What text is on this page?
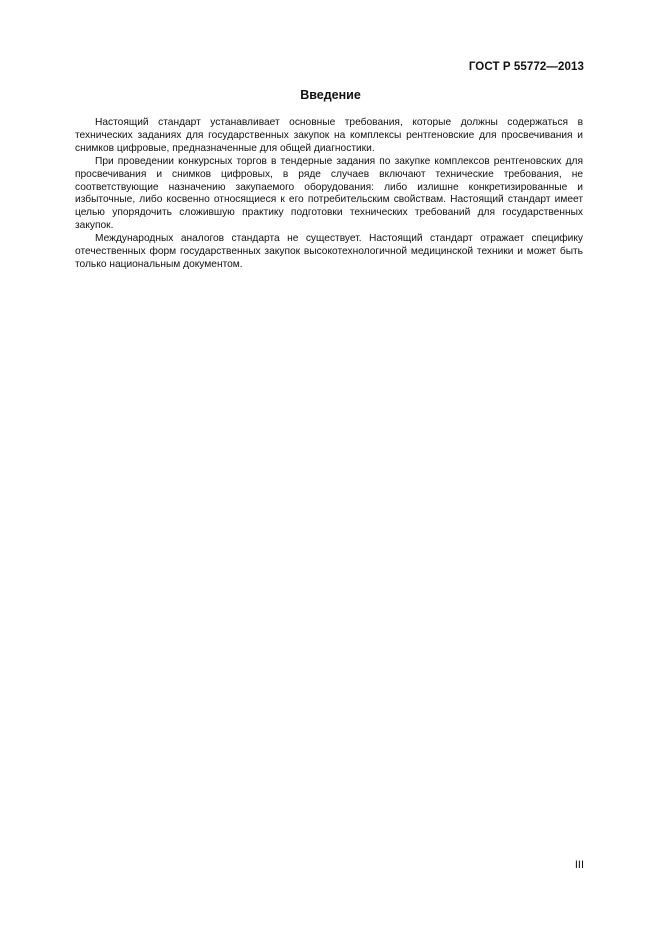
ГОСТ Р 55772—2013
Введение

Настоящий стандарт устанавливает основные требования, которые должны содержаться в технических заданиях для государственных закупок на комплексы рентгеновские для просвечивания и снимков цифровые, предназначенные для общей диагностики.

При проведении конкурсных торгов в тендерные задания по закупке комплексов рентгеновских для просвечивания и снимков цифровых, в ряде случаев включают технические требования, не соответствующие назначению закупаемого оборудования: либо излишне конкретизированные и избыточные, либо косвенно относящиеся к его потребительским свойствам. Настоящий стандарт имеет целью упорядочить сложившую практику подготовки технических требований для государственных закупок.

Международных аналогов стандарта не существует. Настоящий стандарт отражает специфику отечественных форм государственных закупок высокотехнологичной медицинской техники и может быть только национальным документом.

III
